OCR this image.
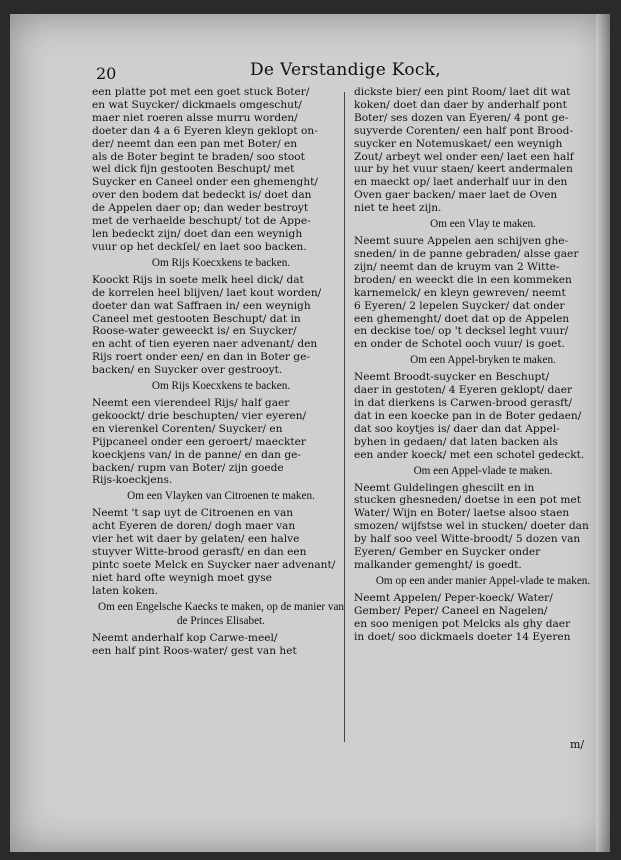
20	De Verstandige Kock,
een platte pot met een goet stuck Boter/
en wat Suycker/ dickmaels omgeschut/
maer niet roeren alsse murru worden/
doeter dan 4 a 6 Eyeren kleyn geklopt on-
der/ neemt dan een pan met Boter/ en
als de Boter begint te braden/ soo stoot
wel dick fijn gestooten Beschupt/ met
Suycker en Caneel onder een ghemenght/
over den bodem dat bedeckt is/ doet dan
de Appelen daer op; dan weder bestroyt
met de verhaelde beschupt/ tot de Appe-
len bedeckt zijn/ doet dan een weynigh
vuur op het deckſel/ en laet soo backen.
Om Rijs Koecxkens te backen.
Koockt Rijs in soete melk heel dick/ dat
de korrelen heel blijven/ laet kout worden/
doeter dan wat Saffraen in/ een weynigh
Caneel met gestooten Beschupt/ dat in
Roose-water geweeckt is/ en Suycker/
en acht of tien eyeren naer advenant/ den
Rijs roert onder een/ en dan in Boter ge-
backen/ en Suycker over gestrooyt.
Om Rijs Koecxkens te backen.
Neemt een vierendeel Rijs/ half gaer
gekoockt/ drie beschupten/ vier eyeren/
en vierenkel Corenten/ Suycker/ en
Pijpcaneel onder een geroert/ maeckter
koeckjens van/ in de panne/ en dan ge-
backen/ rupm van Boter/ zijn goede
Rijs-koeckjens.
Om een Vlayken van Citroenen te maken.
Neemt 't sap uyt de Citroenen en van
acht Eyeren de doren/ dogh maer van
vier het wit daer by gelaten/ een halve
stuyver Witte-brood gerasft/ en dan een
pintc soete Melck en Suycker naer advenant/
niet hard ofte weynigh moet gyse
laten koken.
Om een Engelsche Kaecks te maken, op de manier van de Princes Elisabet.
Neemt anderhalf kop Carwe-meel/
een half pint Roos-water/ gest van het
dickste bier/ een pint Room/ laet dit wat
koken/ doet dan daer by anderhalf pont
Boter/ ses dozen van Eyeren/ 4 pont ge-
suyverde Corenten/ een half pont Brood-
suycker en Notemuskaet/ een weynigh
Zout/ arbeyt wel onder een/ laet een half
uur by het vuur staen/ keert andermalen
en maeckt op/ laet anderhalf uur in den
Oven gaer backen/ maer laet de Oven
niet te heet zijn.
Om een Vlay te maken.
Neemt suure Appelen aen schijven ghe-
sneden/ in de panne gebraden/ alsse gaer
zijn/ neemt dan de kruym van 2 Witte-
broden/ en weeckt die in een kommeken
karnemelck/ en kleyn gewreven/ neemt
6 Eyeren/ 2 lepelen Suycker/ dat onder
een ghemenght/ doet dat op de Appelen
en deckise toe/ op 't decksel leght vuur/
en onder de Schotel ooch vuur/ is goet.
Om een Appel-bryken te maken.
Neemt Broodt-suycker en Beschupt/
daer in gestoten/ 4 Eyeren geklopt/ daer
in dat dierkens is Carwen-brood gerasft/
dat in een koecke pan in de Boter gedaen/
dat soo koytjes is/ daer dan dat Appel-
byhen in gedaen/ dat laten backen als
een ander koeck/ met een schotel gedeckt.
Om een Appel-vlade te maken.
Neemt Guldelingen ghescilt en in
stucken ghesneden/ doetse in een pot met
Water/ Wijn en Boter/ laetse alsoo staen
smozen/ wijfstse wel in stucken/ doeter dan
by half soo veel Witte-broodt/ 5 dozen van
Eyeren/ Gember en Suycker onder
malkander gemenght/ is goedt.
Om op een ander manier Appel-vlade te maken.
Neemt Appelen/ Peper-koeck/ Water/
Gember/ Peper/ Caneel en Nagelen/
en soo menigen pot Melcks als ghy daer
in doet/ soo dickmaels doeter 14 Eyeren
m/
